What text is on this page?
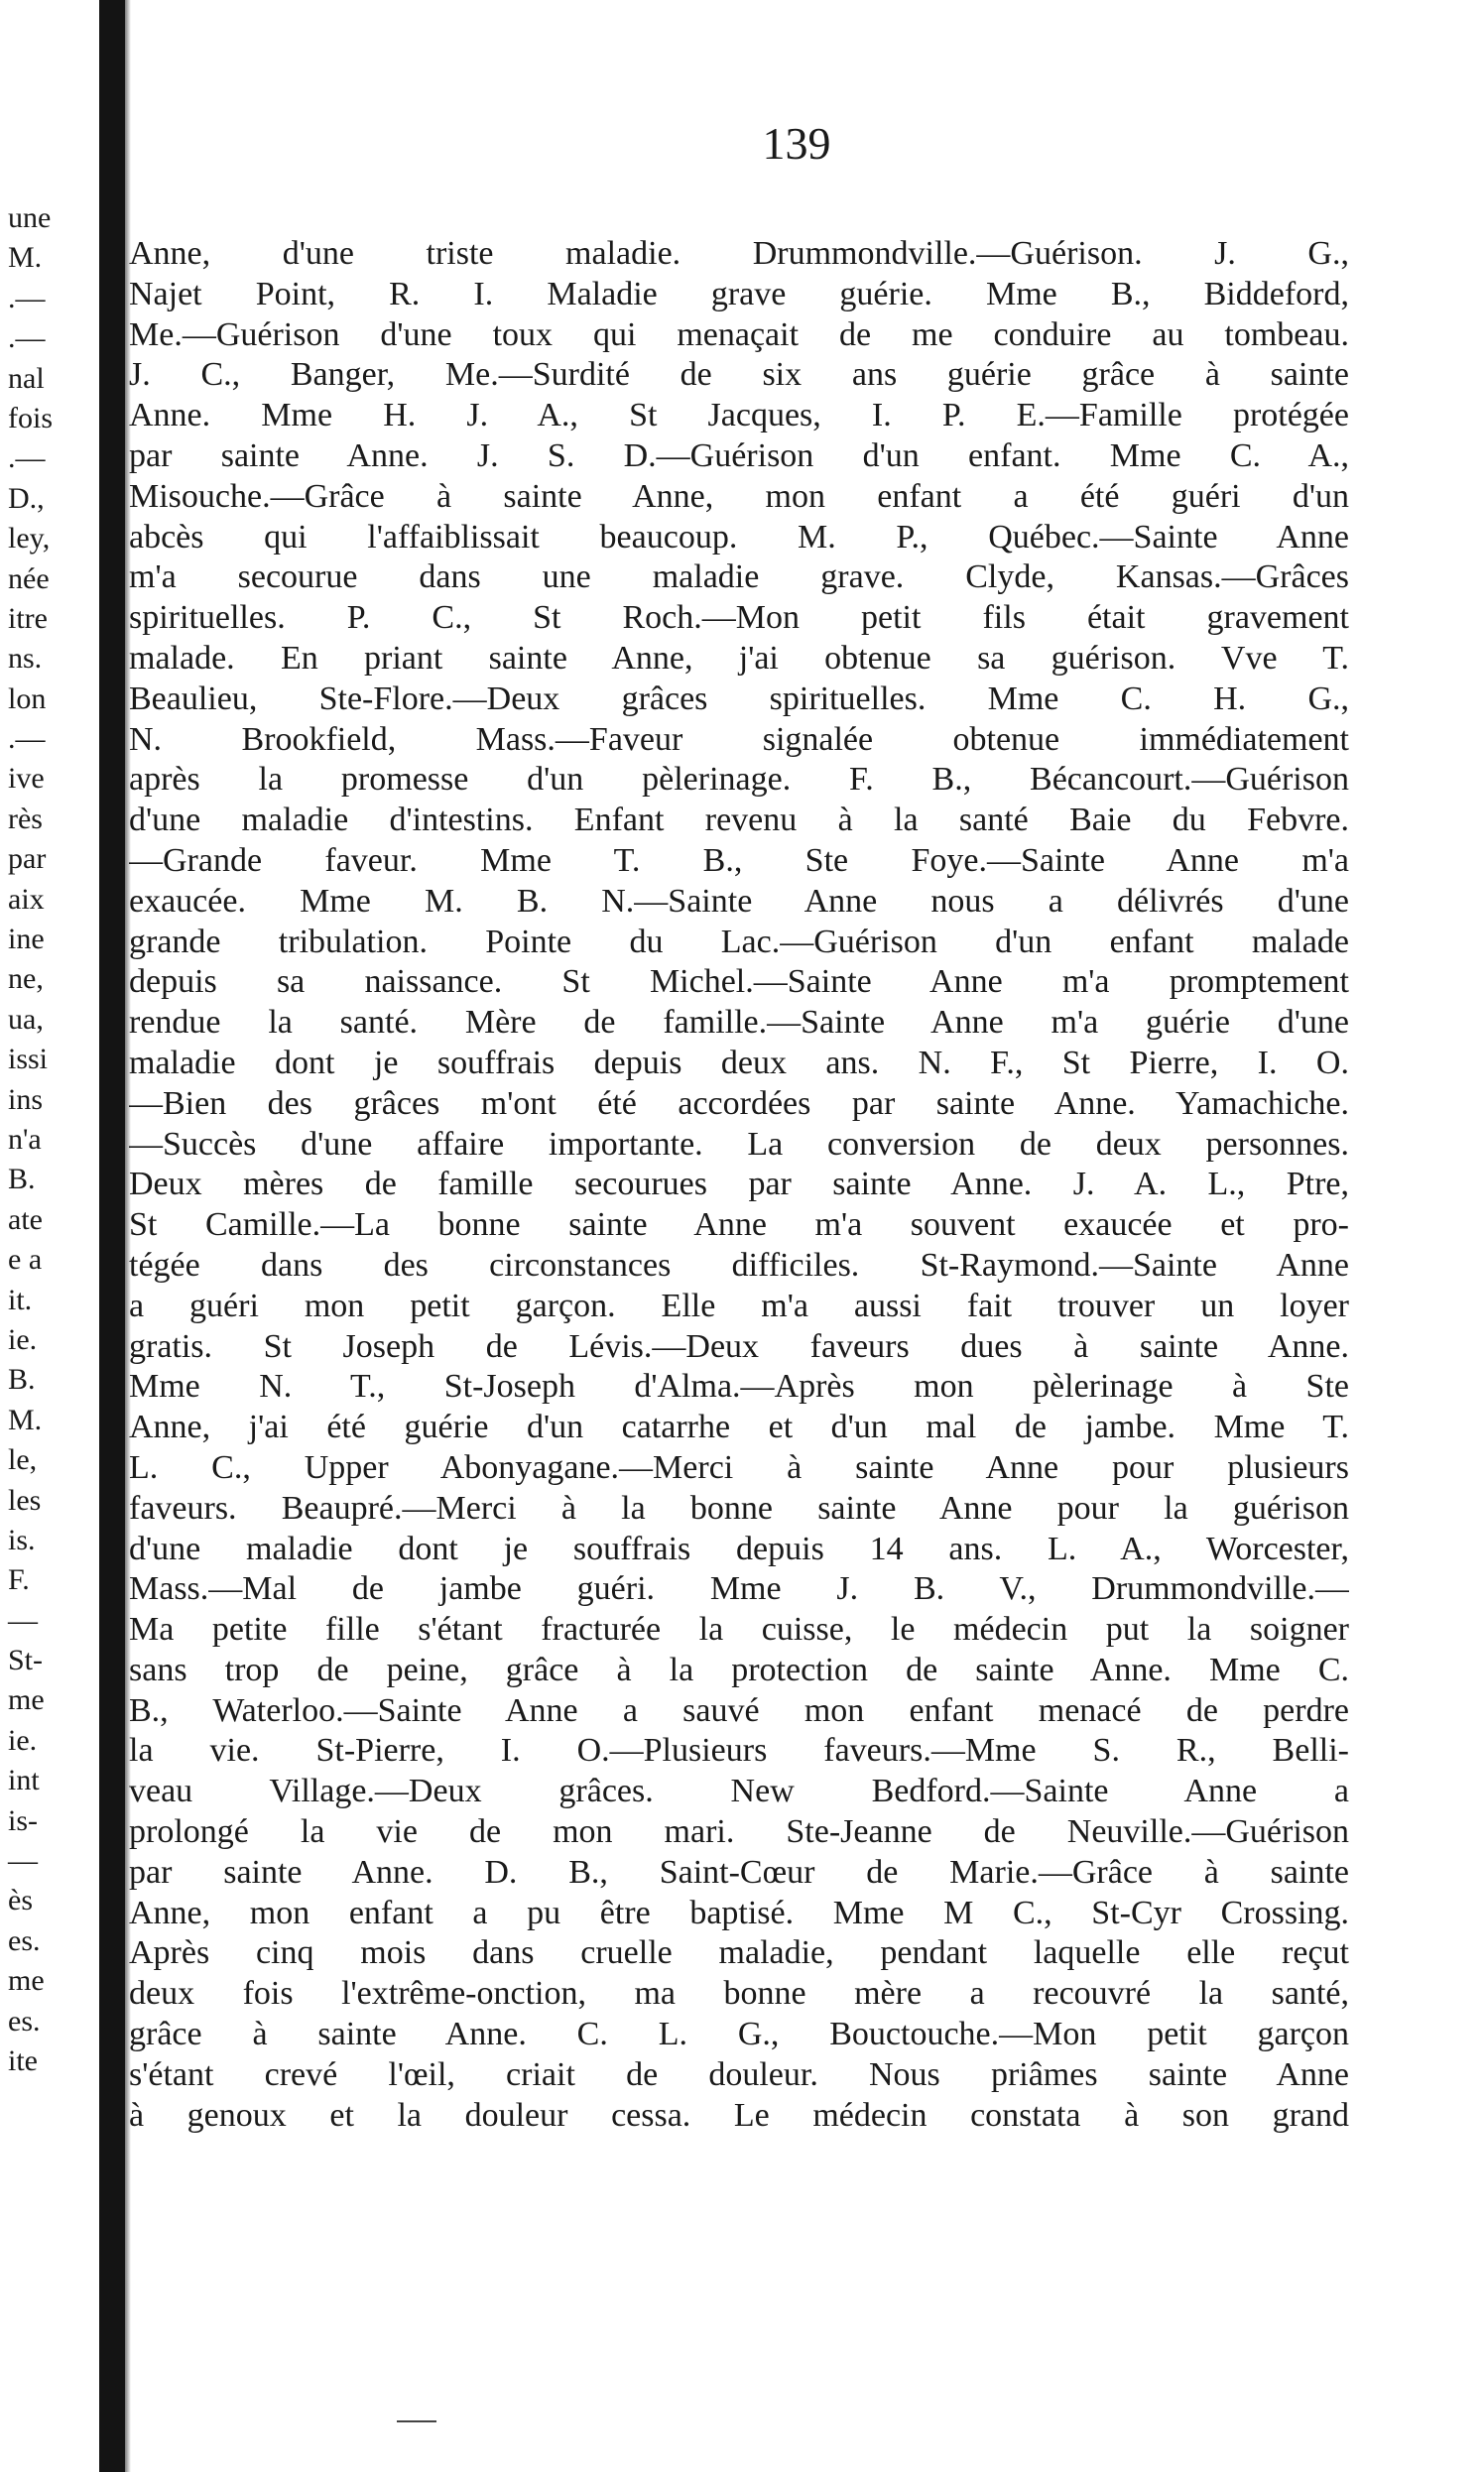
une
M.
.—
.—
nal
fois
.—
D.,
ley,
née
itre
ns.
lon
.—
ive
rès
par
aix
ine
ne,
ua,
issi
ins
n'a
B.
ate
e a
it.
ie.
B.
M.
le,
les
is.
F.
—
St-
me
ie.
int
is-
—
ès
es.
me
es.
ite
139
Anne, d'une triste maladie. Drummondville.—Guérison. J. G.,
Najet Point, R. I. Maladie grave guérie. Mme B., Biddeford,
Me.—Guérison d'une toux qui menaçait de me conduire au tombeau.
J. C., Banger, Me.—Surdité de six ans guérie grâce à sainte
Anne. Mme H. J. A., St Jacques, I. P. E.—Famille protégée
par sainte Anne. J. S. D.—Guérison d'un enfant. Mme C. A.,
Misouche.—Grâce à sainte Anne, mon enfant a été guéri d'un
abcès qui l'affaiblissait beaucoup. M. P., Québec.—Sainte Anne
m'a secourue dans une maladie grave. Clyde, Kansas.—Grâces
spirituelles. P. C., St Roch.—Mon petit fils était gravement
malade. En priant sainte Anne, j'ai obtenue sa guérison. Vve T.
Beaulieu, Ste-Flore.—Deux grâces spirituelles. Mme C. H. G.,
N. Brookfield, Mass.—Faveur signalée obtenue immédiatement
après la promesse d'un pèlerinage. F. B., Bécancourt.—Guérison
d'une maladie d'intestins. Enfant revenu à la santé Baie du Febvre.
—Grande faveur. Mme T. B., Ste Foye.—Sainte Anne m'a
exaucée. Mme M. B. N.—Sainte Anne nous a délivrés d'une
grande tribulation. Pointe du Lac.—Guérison d'un enfant malade
depuis sa naissance. St Michel.—Sainte Anne m'a promptement
rendue la santé. Mère de famille.—Sainte Anne m'a guérie d'une
maladie dont je souffrais depuis deux ans. N. F., St Pierre, I. O.
—Bien des grâces m'ont été accordées par sainte Anne. Yamachiche.
—Succès d'une affaire importante. La conversion de deux personnes.
Deux mères de famille secourues par sainte Anne. J. A. L., Ptre,
St Camille.—La bonne sainte Anne m'a souvent exaucée et pro-
tégée dans des circonstances difficiles. St-Raymond.—Sainte Anne
a guéri mon petit garçon. Elle m'a aussi fait trouver un loyer
gratis. St Joseph de Lévis.—Deux faveurs dues à sainte Anne.
Mme N. T., St-Joseph d'Alma.—Après mon pèlerinage à Ste
Anne, j'ai été guérie d'un catarrhe et d'un mal de jambe. Mme T.
L. C., Upper Abonyagane.—Merci à sainte Anne pour plusieurs
faveurs. Beaupré.—Merci à la bonne sainte Anne pour la guérison
d'une maladie dont je souffrais depuis 14 ans. L. A., Worcester,
Mass.—Mal de jambe guéri. Mme J. B. V., Drummondville.—
Ma petite fille s'étant fracturée la cuisse, le médecin put la soigner
sans trop de peine, grâce à la protection de sainte Anne. Mme C.
B., Waterloo.—Sainte Anne a sauvé mon enfant menacé de perdre
la vie. St-Pierre, I. O.—Plusieurs faveurs.—Mme S. R., Belli-
veau Village.—Deux grâces. New Bedford.—Sainte Anne a
prolongé la vie de mon mari. Ste-Jeanne de Neuville.—Guérison
par sainte Anne. D. B., Saint-Cœur de Marie.—Grâce à sainte
Anne, mon enfant a pu être baptisé. Mme M C., St-Cyr Crossing.
Après cinq mois dans cruelle maladie, pendant laquelle elle reçut
deux fois l'extrême-onction, ma bonne mère a recouvré la santé,
grâce à sainte Anne. C. L. G., Bouctouche.—Mon petit garçon
s'étant crevé l'œil, criait de douleur. Nous priâmes sainte Anne
à genoux et la douleur cessa. Le médecin constata à son grand
